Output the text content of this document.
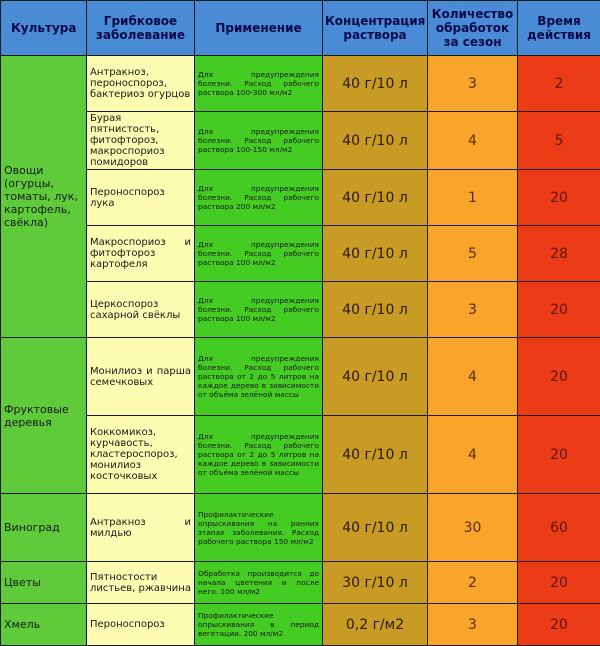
Культура	Грибковое заболевание	Применение	Концентрация раствора	Количество обработок за сезон	Время действия
Овощи (огурцы, томаты, лук, картофель, свёкла)	Антракноз, пероноспороз, бактериоз огурцов	Для предупреждения болезни. Расход рабочего раствора 100-300 мл/м2	40 г/10 л	3	2
	Бурая пятнистость, фитофтороз, макроспориоз помидоров	Для предупреждения болезни. Расход рабочего раствора 100-150 мл/м2	40 г/10 л	4	5
	Пероноспороз лука	Для предупреждения болезни. Расход рабочего раствора 200 мл/м2	40 г/10 л	1	20
	Макроспориоз и фитофтороз картофеля	Для предупреждения болезни. Расход рабочего раствора 100 мл/м2	40 г/10 л	5	28
	Церкоспороз сахарной свёклы	Для предупреждения болезни. Расход рабочего раствора 100 мл/м2	40 г/10 л	3	20
Фруктовые деревья	Монилиоз и парша семечковых	Для предупреждения болезни. Расход рабочего раствора от 2 до 5 литров на каждое дерево в зависимости от объёма зелёной массы	40 г/10 л	4	20
	Коккомикоз, курчавость, кластероспороз, монилиоз косточковых	Для предупреждения болезни. Расход рабочего раствора от 2 до 5 литров на каждое дерево в зависимости от объёма зелёной массы	40 г/10 л	4	20
Виноград	Антракноз и милдью	Профилактические опрыскивания на ранних этапах заболевания. Расход рабочего раствора 150 мл/м2	40 г/10 л	30	60
Цветы	Пятностости листьев, ржавчина	Обработка производится до начала цветения и после него. 100 мл/м2	30 г/10 л	2	20
Хмель	Пероноспороз	Профилактические опрыскивания в период вегетации. 200 мл/м2	0,2 г/м2	3	20
